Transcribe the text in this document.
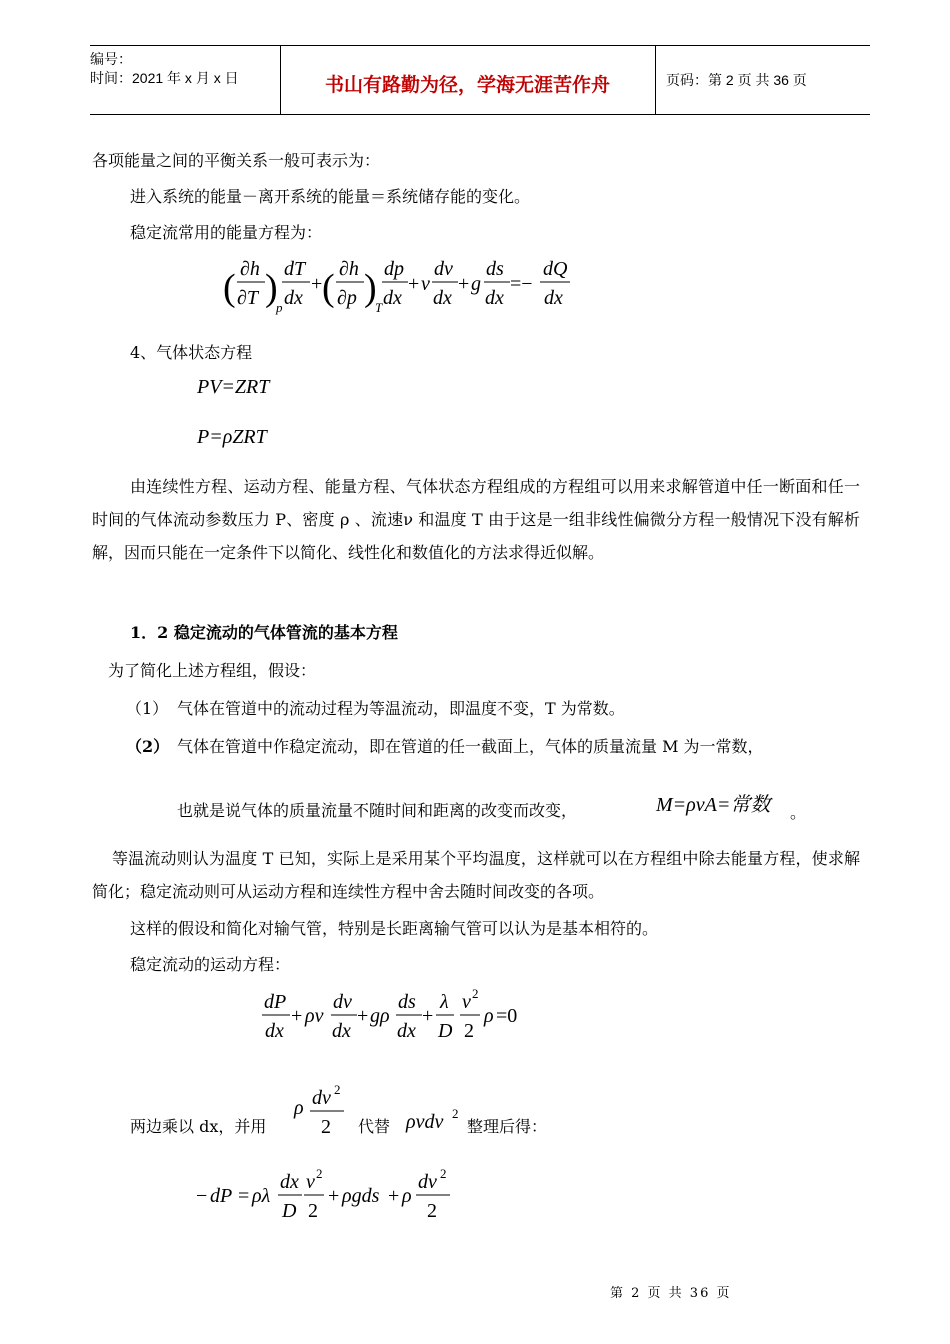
编号：
时间：2021 年 x 月 x 日	书山有路勤为径，学海无涯苦作舟	页码：第 2 页 共 36 页
各项能量之间的平衡关系一般可表示为：
进入系统的能量－离开系统的能量＝系统储存能的变化。
稳定流常用的能量方程为：
( ∂h
∂T )
p
dT
dx
+ ( ∂h
∂p )
T
dp
dx
+ v
dv
dx
+ g
ds
dx
=−
dQ
dx
4、气体状态方程
PV=ZRT
P=ρZRT
由连续性方程、运动方程、能量方程、气体状态方程组成的方程组可以用来求解管道中任一断面和任一时间的气体流动参数压力 P、密度 ρ 、流速ν 和温度 T 由于这是一组非线性偏微分方程一般情况下没有解析解，因而只能在一定条件下以简化、线性化和数值化的方法求得近似解。
1．2 稳定流动的气体管流的基本方程
为了简化上述方程组，假设：
（1） 气体在管道中的流动过程为等温流动，即温度不变，T 为常数。
（2） 气体在管道中作稳定流动，即在管道的任一截面上，气体的质量流量 M 为一常数，
也就是说气体的质量流量不随时间和距离的改变而改变，	M=ρνA=常数 。
等温流动则认为温度 T 已知，实际上是采用某个平均温度，这样就可以在方程组中除去能量方程，使求解简化；稳定流动则可从运动方程和连续性方程中舍去随时间改变的各项。
这样的假设和简化对输气管，特别是长距离输气管可以认为是基本相符的。
稳定流动的运动方程：
dP
dx
+ ρv
dv
dx
+ gρ
ds
dx
+
λ
D
v 2
2
ρ =0
两边乘以 dx，并用
ρ dv 2
2 代替 ρvdv 2
整理后得：
− dP = ρλ
dx
D
v 2
2
+ ρgds + ρ
dv 2
2
第 2 页 共 36 页
